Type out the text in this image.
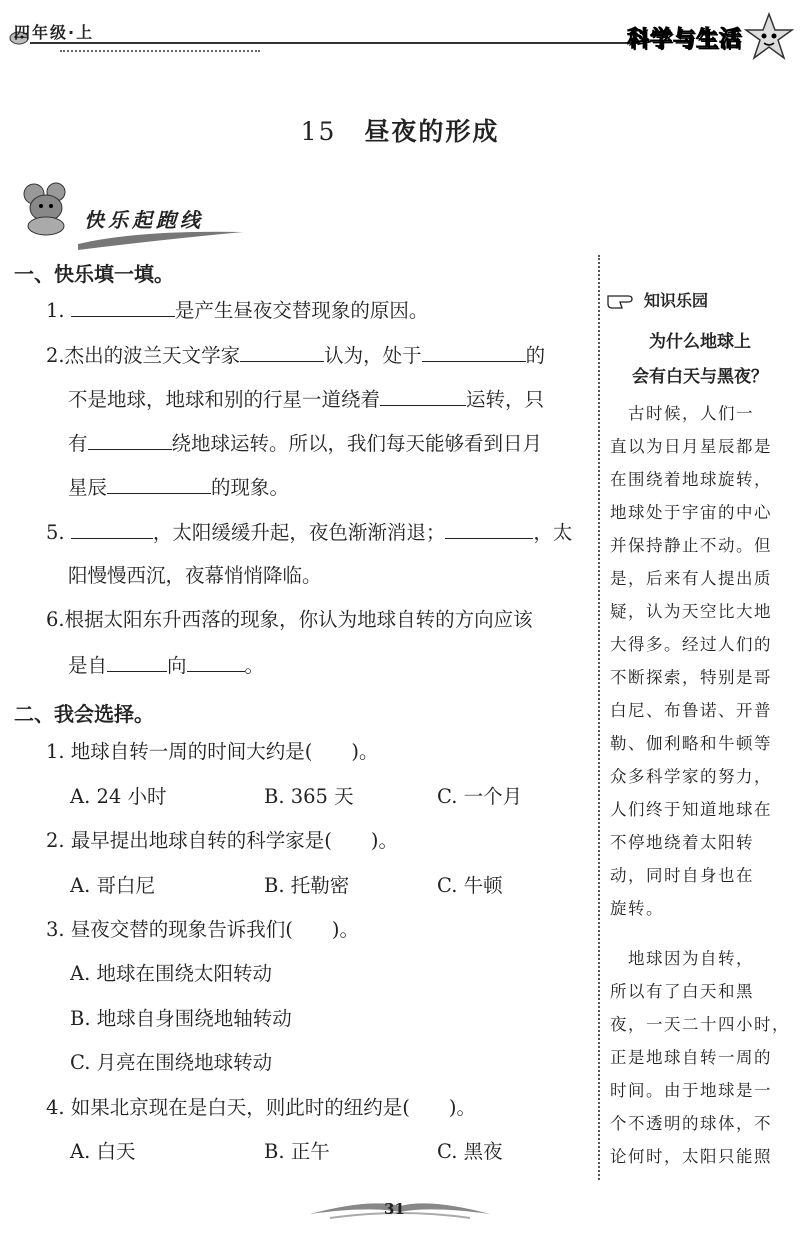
四年级·上	科学与生活
15 昼夜的形成
快乐起跑线
一、快乐填一填。
1.	是产生昼夜交替现象的原因。
2.杰出的波兰天文学家	认为，处于	的
不是地球，地球和别的行星一道绕着	运转，只
有	绕地球运转。所以，我们每天能够看到日月
星辰	的现象。
5.	，太阳缓缓升起，夜色渐渐消退；	，太
阳慢慢西沉，夜幕悄悄降临。
6.根据太阳东升西落的现象，你认为地球自转的方向应该
是自	向	。
二、我会选择。
1. 地球自转一周的时间大约是(　　)。
A. 24 小时	B. 365 天	C. 一个月
2. 最早提出地球自转的科学家是(　　)。
A. 哥白尼	B. 托勒密	C. 牛顿
3. 昼夜交替的现象告诉我们(　　)。
A. 地球在围绕太阳转动
B. 地球自身围绕地轴转动
C. 月亮在围绕地球转动
4. 如果北京现在是白天，则此时的纽约是(　　)。
A. 白天	B. 正午	C. 黑夜
知识乐园
为什么地球上
会有白天与黑夜？
　古时候，人们一
直以为日月星辰都是
在围绕着地球旋转，
地球处于宇宙的中心
并保持静止不动。但
是，后来有人提出质
疑，认为天空比大地
大得多。经过人们的
不断探索，特别是哥
白尼、布鲁诺、开普
勒、伽利略和牛顿等
众多科学家的努力，
人们终于知道地球在
不停地绕着太阳转
动，同时自身也在
旋转。
　地球因为自转，
所以有了白天和黑
夜，一天二十四小时，
正是地球自转一周的
时间。由于地球是一
个不透明的球体，不
论何时，太阳只能照
31
